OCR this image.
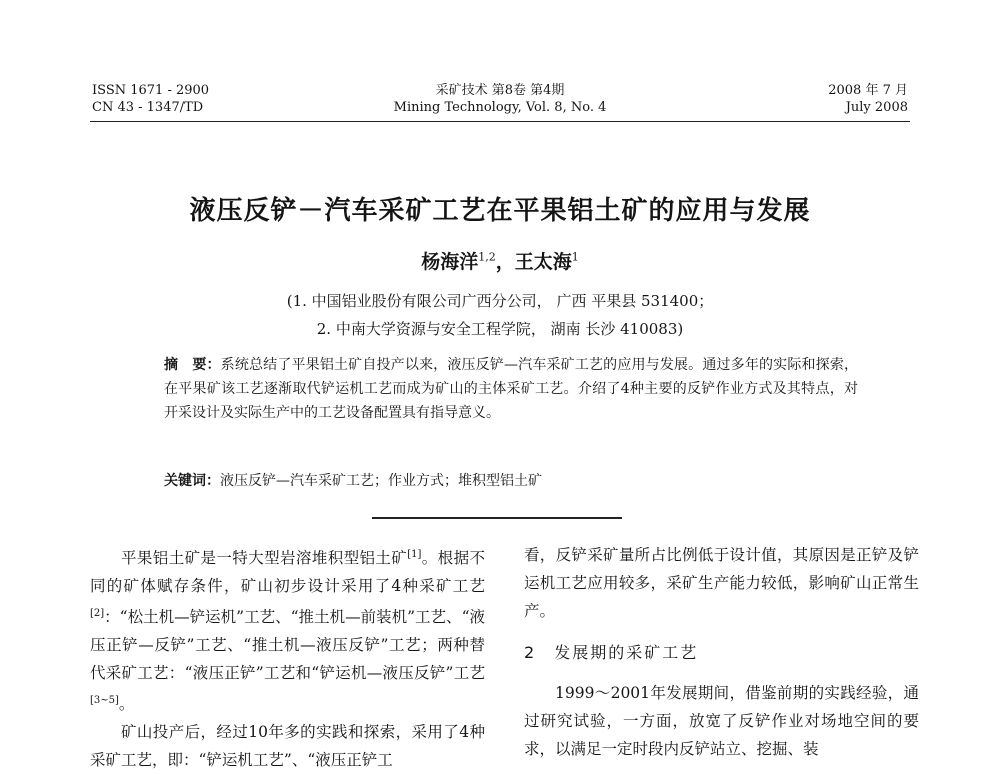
ISSN 1671 - 2900
CN 43 - 1347/TD
采矿技术 第8卷 第4期
Mining Technology, Vol. 8, No. 4
2008 年 7 月
July 2008
液压反铲－汽车采矿工艺在平果铝土矿的应用与发展
杨海洋$^{1,2}$，王太海$^1$
(1. 中国铝业股份有限公司广西分公司， 广西 平果县 531400；
2. 中南大学资源与安全工程学院， 湖南 长沙 410083)
摘　要：系统总结了平果铝土矿自投产以来，液压反铲—汽车采矿工艺的应用与发展。通过多年的实际和探索，在平果矿该工艺逐渐取代铲运机工艺而成为矿山的主体采矿工艺。介绍了4种主要的反铲作业方式及其特点，对开采设计及实际生产中的工艺设备配置具有指导意义。
关键词：液压反铲—汽车采矿工艺；作业方式；堆积型铝土矿

平果铝土矿是一特大型岩溶堆积型铝土矿[1]。根据不同的矿体赋存条件，矿山初步设计采用了4种采矿工艺[2]：“松土机—铲运机”工艺、“推土机—前装机”工艺、“液压正铲—反铲”工艺、“推土机—液压反铲”工艺；两种替代采矿工艺：“液压正铲”工艺和“铲运机—液压反铲”工艺[3~5]。

矿山投产后，经过10年多的实践和探索，采用了4种采矿工艺，即：“铲运机工艺”、“液压正铲工

看，反铲采矿量所占比例低于设计值，其原因是正铲及铲运机工艺应用较多，采矿生产能力较低，影响矿山正常生产。

2　 发展期的采矿工艺

1999～2001年发展期间，借鉴前期的实践经验，通过研究试验，一方面，放宽了反铲作业对场地空间的要求，以满足一定时段内反铲站立、挖掘、装
